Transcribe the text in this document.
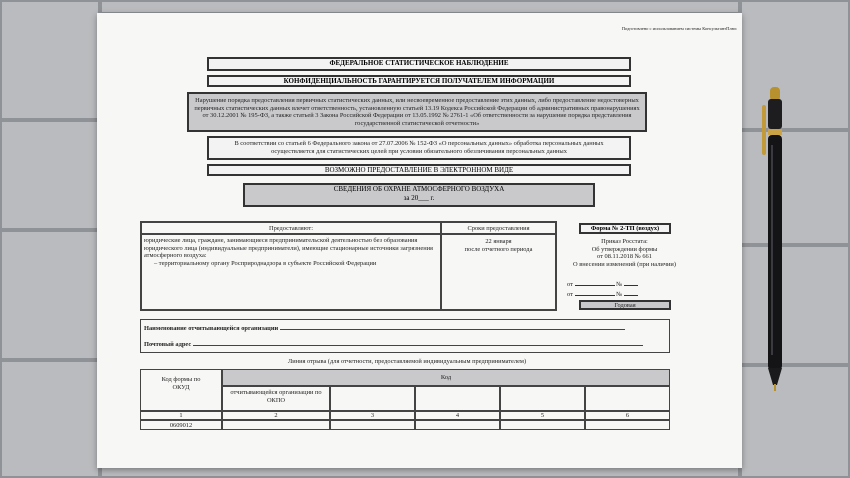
Подготовлено с использованием системы КонсультантПлюс
ФЕДЕРАЛЬНОЕ СТАТИСТИЧЕСКОЕ НАБЛЮДЕНИЕ
КОНФИДЕНЦИАЛЬНОСТЬ ГАРАНТИРУЕТСЯ ПОЛУЧАТЕЛЕМ ИНФОРМАЦИИ
Нарушение порядка предоставления первичных статистических данных, или несвоевременное предоставление этих данных, либо предоставление недостоверных первичных статистических данных влечет ответственность, установленную статьей 13.19 Кодекса Российской Федерации об административных правонарушениях от 30.12.2001 № 195-ФЗ, а также статьей 3 Закона Российской Федерации от 13.05.1992 № 2761-1 «Об ответственности за нарушение порядка представления государственной статистической отчетности»
В соответствии со статьей 6 Федерального закона от 27.07.2006 № 152-ФЗ «О персональных данных» обработка персональных данных осуществляется для статистических целей при условии обязательного обезличивания персональных данных
ВОЗМОЖНО ПРЕДОСТАВЛЕНИЕ В ЭЛЕКТРОННОМ ВИДЕ
СВЕДЕНИЯ ОБ ОХРАНЕ АТМОСФЕРНОГО ВОЗДУХА
за 20___ г.
Предоставляют:	Сроки предоставления
юридические лица, граждане, занимающиеся предпринимательской деятельностью без образования юридического лица (индивидуальные предприниматели), имеющие стационарные источники загрязнения атмосферного воздуха:
– территориальному органу Росприроднадзора в субъекте Российской Федерации
22 января
после отчетного периода
Форма № 2-ТП (воздух)
Приказ Росстата:
Об утверждении формы
от 08.11.2018 № 661
О внесении изменений (при наличии)
от	№
от	№
Годовая
Наименование отчитывающейся организации
Почтовый адрес
Линия отрыва (для отчетности, предоставляемой индивидуальным предпринимателем)
Код формы по ОКУД
Код
отчитывающейся организации по ОКПО
1	2	3	4	5	6
0609012
